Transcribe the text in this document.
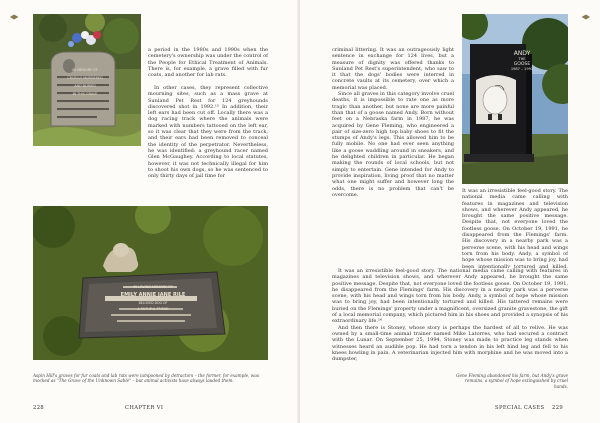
a period in the 1980s and 1990s when the cemetery's ownership was under the control of the People for Ethical Treatment of Animals. There is, for example, a grave filled with fur coats, and another for lab rats.

In other cases, they represent collective mourning sites, such as a mass grave at Sunland Pet Rest for 124 greyhounds discovered shot in 1992.¹⁵ In addition, their left ears had been cut off. Locally there was a dog racing track where the animals were marked with numbers tattooed on the left ear, so it was clear that they were from the track, and their ears had been removed to conceal the identity of the perpetrator. Nevertheless, he was identified: a greyhound racer named Glen McGaughey. According to local statutes, however, it was not technically illegal for him to shoot his own dogs, so he was sentenced to only thirty days of jail time for

Aspin Hill's graves for fur coats and lab rats were lampooned by detractors – the former, for example, was mocked as "The Grave of the Unknown Sable" – but animal activists have always lauded them.
228	CHAPTER VI

criminal littering. It was an outrageously light sentence in exchange for 124 lives, but a measure of dignity was offered thanks to Sunland Pet Rest's superintendent, who saw to it that the dogs' bodies were interred in concrete vaults at its cemetery, over which a memorial was placed.

Since all graves in this category involve cruel deaths, it is impossible to rate one as more tragic than another, but none are more painful than that of a goose named Andy. Born without feet on a Nebraska farm in 1987, he was acquired by Gene Fleming, who engineered a pair of size-zero high top baby shoes to fit the stumps of Andy's legs. This allowed him to be fully mobile. No one had ever seen anything like a goose waddling around in sneakers, and he delighted children in particular. He began making the rounds of local schools, but not simply to entertain. Gene intended for Andy to provide inspiration, living proof that no matter what one might suffer and however long the odds, there is no problem that can't be overcome.

ANDY
THE
GOOSE
1987 – 1991

It was an irresistible feel-good story. The national media came calling with features in magazines and television shows, and wherever Andy appeared, he brought the same positive message. Despite that, not everyone loved the footless goose. On October 19, 1991, he disappeared from the Flemings' farm. His discovery in a nearby park was a perverse scene, with his head and wings torn from his body. Andy, a symbol of hope whose mission was to bring joy, had been intentionally tortured and killed.

It was an irresistible feel-good story. The national media came calling with features in magazines and television shows, and wherever Andy appeared, he brought the same positive message. Despite that, not everyone loved the footless goose. On October 19, 1991, he disappeared from the Flemings' farm. His discovery in a nearby park was a perverse scene, with his head and wings torn from his body. Andy, a symbol of hope whose mission was to bring joy, had been intentionally tortured and killed. His tattered remains were buried on the Flemings' property under a magnificent, oversized granite gravestone, the gift of a local memorial company, which pictured him in his shoes and provided a synopsis of his extraordinary life.¹⁶

And then there is Stoney, whose story is perhaps the hardest of all to relive. He was owned by a small-time animal trainer named Mike Latorres, who had secured a contract with the Lunar. On September 25, 1994, Stoney was made to practice leg stands when witnesses heard an audible pop. He had torn a tendon in his left hind leg and fell to his knees howling in pain. A veterinarian injected him with morphine and he was moved into a dumpster,

Gene Fleming abandoned his farm, but Andy's grave remains, a symbol of hope extinguished by cruel hands.
SPECIAL CASES 229
IN MEMORY OF
CRUELLY MURDERED
AND BURIED
IN THIS GRAVE
IN LOVING MEMORY OF
EMILY ANNIE JANE RILE
BELOVED DOG OF
A FAITHFUL FRIEND
